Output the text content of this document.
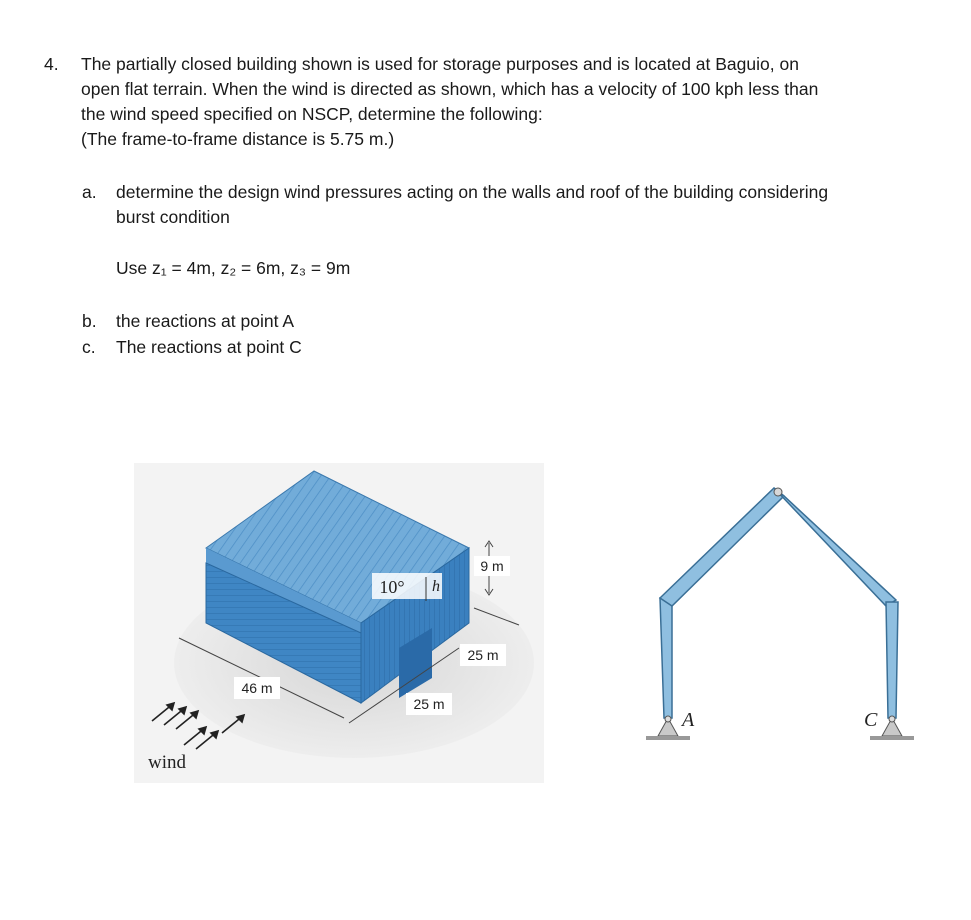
4. The partially closed building shown is used for storage purposes and is located at Baguio, on
open flat terrain. When the wind is directed as shown, which has a velocity of 100 kph less than
the wind speed specified on NSCP, determine the following:
(The frame-to-frame distance is 5.75 m.)
a. determine the design wind pressures acting on the walls and roof of the building considering
burst condition
Use z₁ = 4m, z₂ = 6m, z₃ = 9m
b. the reactions at point A
c. The reactions at point C
46 m
25 m
25 m
9 m
10° h
wind
A	C
